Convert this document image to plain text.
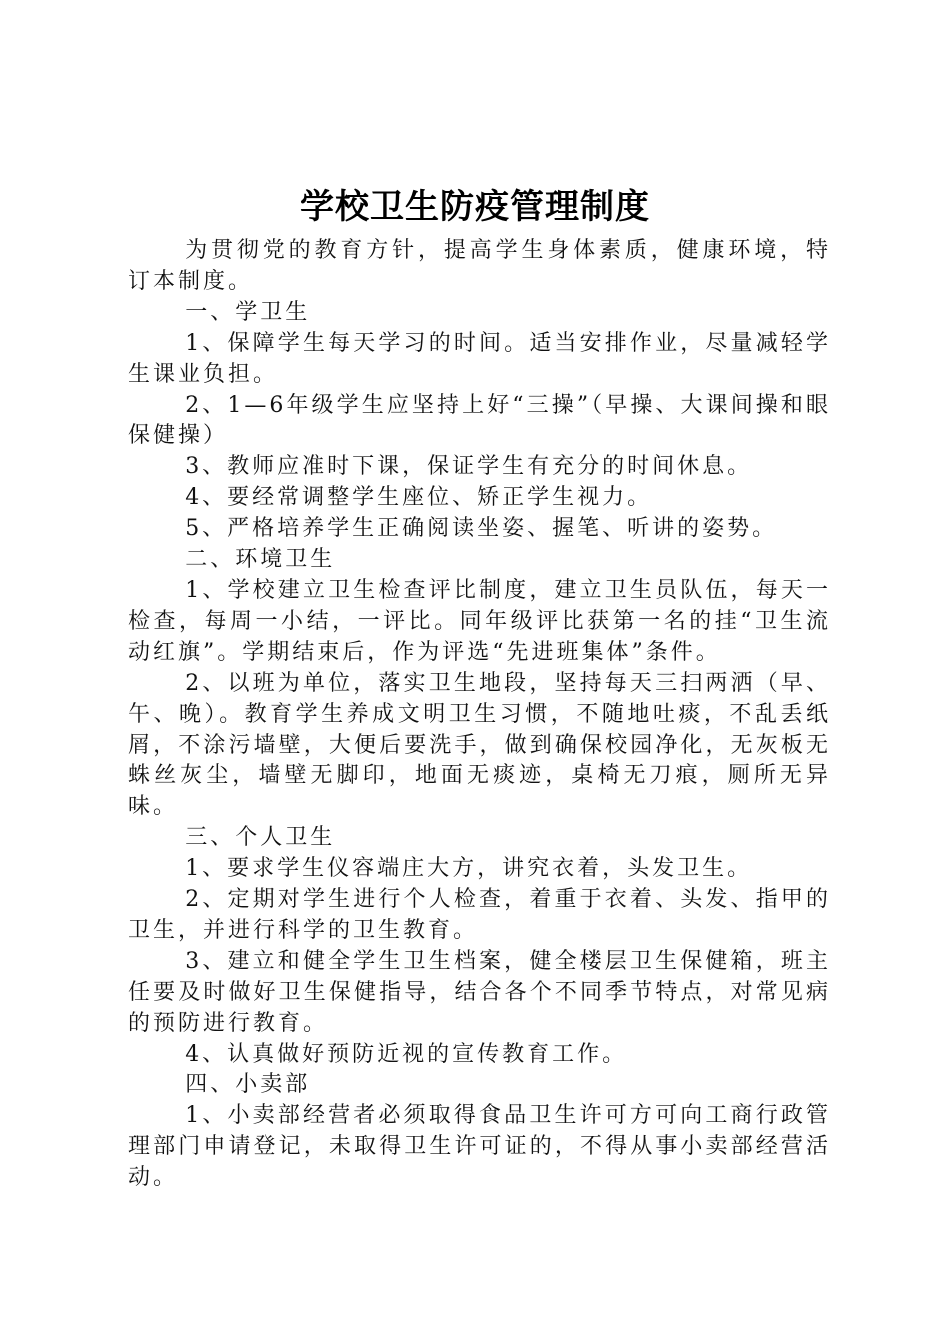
学校卫生防疫管理制度

为贯彻党的教育方针，提高学生身体素质，健康环境，特订本制度。

一、学卫生

1、保障学生每天学习的时间。适当安排作业，尽量减轻学生课业负担。

2、1—6年级学生应坚持上好“三操”（早操、大课间操和眼保健操）

3、教师应准时下课，保证学生有充分的时间休息。

4、要经常调整学生座位、矫正学生视力。

5、严格培养学生正确阅读坐姿、握笔、听讲的姿势。

二、环境卫生

1、学校建立卫生检查评比制度，建立卫生员队伍，每天一检查，每周一小结，一评比。同年级评比获第一名的挂“卫生流动红旗”。学期结束后，作为评选“先进班集体”条件。

2、以班为单位，落实卫生地段，坚持每天三扫两洒（早、午、晚）。教育学生养成文明卫生习惯，不随地吐痰，不乱丢纸屑，不涂污墙壁，大便后要洗手，做到确保校园净化，无灰板无蛛丝灰尘，墙壁无脚印，地面无痰迹，桌椅无刀痕，厕所无异味。

三、个人卫生

1、要求学生仪容端庄大方，讲究衣着，头发卫生。

2、定期对学生进行个人检查，着重于衣着、头发、指甲的卫生，并进行科学的卫生教育。

3、建立和健全学生卫生档案，健全楼层卫生保健箱，班主任要及时做好卫生保健指导，结合各个不同季节特点，对常见病的预防进行教育。

4、认真做好预防近视的宣传教育工作。

四、小卖部

1、小卖部经营者必须取得食品卫生许可方可向工商行政管理部门申请登记，未取得卫生许可证的，不得从事小卖部经营活动。
